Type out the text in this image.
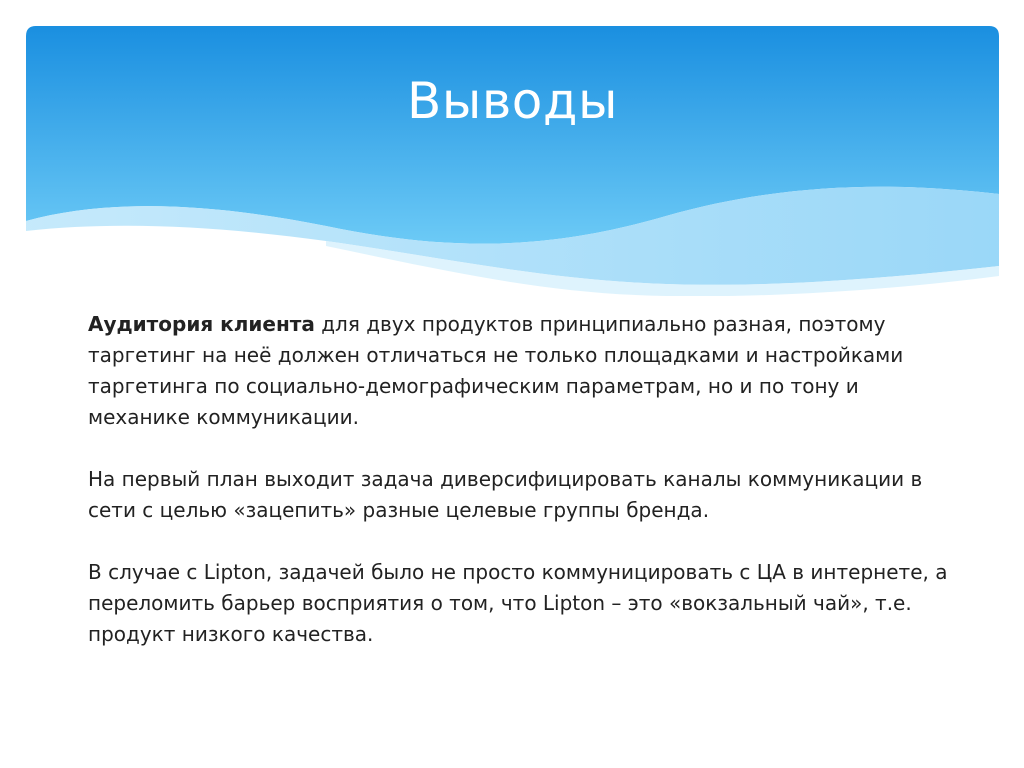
Выводы

Аудитория клиента для двух продуктов принципиально разная, поэтому таргетинг на неё должен отличаться не только площадками и настройками таргетинга по социально-демографическим параметрам, но и по тону и механике коммуникации.

На первый план выходит задача диверсифицировать каналы коммуникации в сети с целью «зацепить» разные целевые группы бренда.

В случае с Lipton, задачей было не просто коммуницировать с ЦА в интернете, а переломить барьер восприятия о том, что Lipton – это «вокзальный чай», т.е. продукт низкого качества.
